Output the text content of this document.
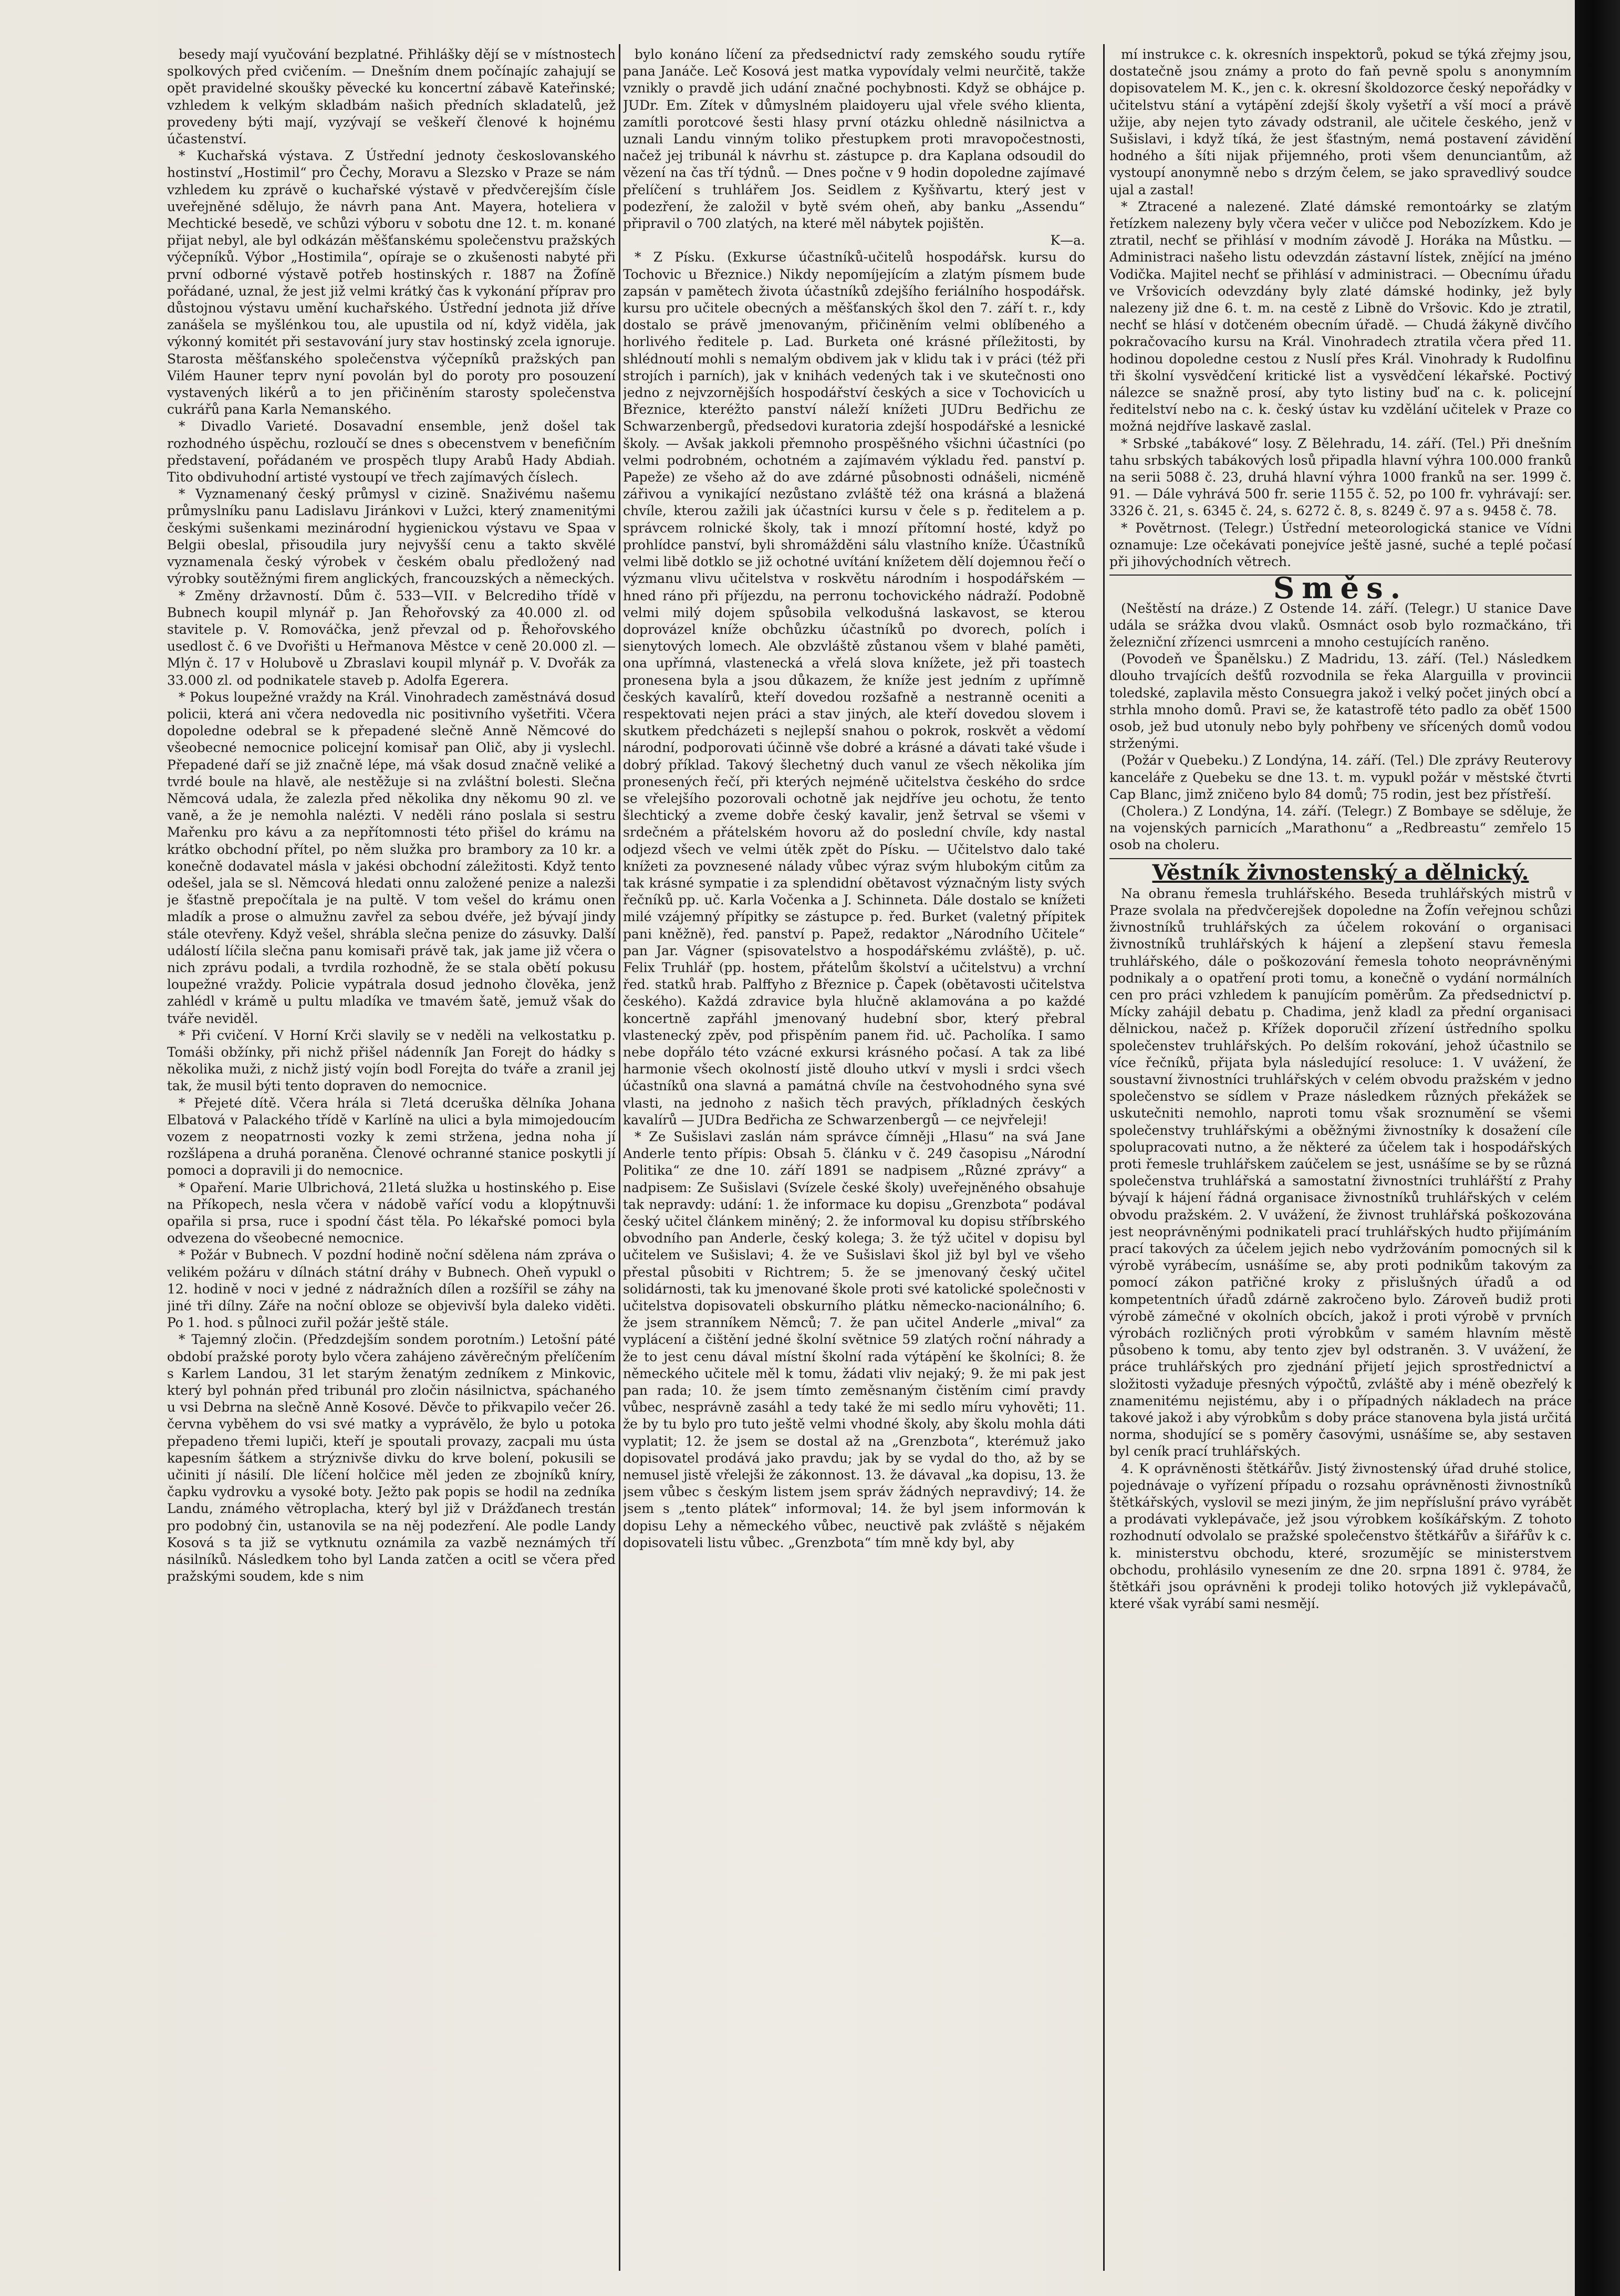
besedy mají vyučování bezplatné. Přihlášky dějí se v místnostech spolkových před cvičením. — Dnešním dnem počínajíc zahajují se opět pravidelné skoušky pěvecké ku koncertní zábavě Kateřinské; vzhledem k velkým skladbám našich předních skladatelů, jež provedeny býti mají, vyzývají se veškeří členové k hojnému účastenství.

* Kuchařská výstava. Z Ústřední jednoty českoslovanského hostinství „Hostimil“ pro Čechy, Moravu a Slezsko v Praze se nám vzhledem ku zprávě o kuchařské výstavě v předvčerejším čísle uveřejněné sdělujo, že návrh pana Ant. Mayera, hoteliera v Mechtické besedě, ve schůzi výboru v sobotu dne 12. t. m. konané přijat nebyl, ale byl odkázán měšťanskému společenstvu pražských výčepníků. Výbor „Hostimila“, opíraje se o zkušenosti nabyté při první odborné výstavě potřeb hostinských r. 1887 na Žofíně pořádané, uznal, že jest již velmi krátký čas k vykonání příprav pro důstojnou výstavu umění kuchařského. Ústřední jednota již dříve zanášela se myšlénkou tou, ale upustila od ní, když viděla, jak výkonný komitét při sestavování jury stav hostinský zcela ignoruje. Starosta měšťanského společenstva výčepníků pražských pan Vilém Hauner teprv nyní povolán byl do poroty pro posouzení vystavených likérů a to jen přičiněním starosty společenstva cukrářů pana Karla Nemanského.

* Divadlo Varieté. Dosavadní ensemble, jenž došel tak rozhodného úspěchu, rozloučí se dnes s obecenstvem v benefičním představení, pořádaném ve prospěch tlupy Arabů Hady Abdiah. Tito obdivuhodní artisté vystoupí ve třech zajímavých číslech.

* Vyznamenaný český průmysl v cizině. Snaživému našemu průmyslníku panu Ladislavu Jiránkovi v Lužci, který znamenitými českými sušenkami mezinárodní hygienickou výstavu ve Spaa v Belgii obeslal, přisoudila jury nejvyšší cenu a takto skvělé vyznamenala český výrobek v českém obalu předložený nad výrobky soutěžnými firem anglických, francouzských a německých.

* Změny državností. Dům č. 533—VII. v Belcrediho třídě v Bubnech koupil mlynář p. Jan Řehořovský za 40.000 zl. od stavitele p. V. Romováčka, jenž převzal od p. Řehořovského usedlost č. 6 ve Dvořišti u Heřmanova Městce v ceně 20.000 zl. — Mlýn č. 17 v Holubově u Zbraslavi koupil mlynář p. V. Dvořák za 33.000 zl. od podnikatele staveb p. Adolfa Egerera.

* Pokus loupežné vraždy na Král. Vinohradech zaměstnává dosud policii, která ani včera nedovedla nic positivního vyšetřiti. Včera dopoledne odebral se k přepadené slečně Anně Němcové do všeobecné nemocnice policejní komisař pan Olič, aby ji vyslechl. Přepadené daří se již značně lépe, má však dosud značně veliké a tvrdé boule na hlavě, ale nestěžuje si na zvláštní bolesti. Slečna Němcová udala, že zalezla před několika dny někomu 90 zl. ve vaně, a že je nemohla nalézti. V neděli ráno poslala si sestru Mařenku pro kávu a za nepřítomnosti této přišel do krámu na krátko obchodní přítel, po něm služka pro brambory za 10 kr. a konečně dodavatel másla v jakési obchodní záležitosti. Když tento odešel, jala se sl. Němcová hledati onnu založené penize a nalezši je šťastně prepočítala je na pultě. V tom vešel do krámu onen mladík a prose o almužnu zavřel za sebou dvéře, jež bývají jindy stále otevřeny. Když vešel, shrábla slečna penize do zásuvky. Další událostí líčila slečna panu komisaři právě tak, jak jame již včera o nich zprávu podali, a tvrdila rozhodně, že se stala obětí pokusu loupežné vraždy. Policie vypátrala dosud jednoho člověka, jenž zahlédl v krámě u pultu mladíka ve tmavém šatě, jemuž však do tváře neviděl.

* Při cvičení. V Horní Krči slavily se v neděli na velkostatku p. Tomáši obžínky, při nichž přišel nádenník Jan Forejt do hádky s několika muži, z nichž jistý vojín bodl Forejta do tváře a zranil jej tak, že musil býti tento dopraven do nemocnice.

* Přejeté dítě. Včera hrála si 7letá dceruška dělníka Johana Elbatová v Palackého třídě v Karlíně na ulici a byla mimojedoucím vozem z neopatrnosti vozky k zemi stržena, jedna noha jí rozšlápena a druhá poraněna. Členové ochranné stanice poskytli jí pomoci a dopravili ji do nemocnice.

* Opaření. Marie Ulbrichová, 21letá služka u hostinského p. Eise na Příkopech, nesla včera v nádobě vařící vodu a klopýtnuvši opařila si prsa, ruce i spodní část těla. Po lékařské pomoci byla odvezena do všeobecné nemocnice.

* Požár v Bubnech. V pozdní hodině noční sdělena nám zpráva o velikém požáru v dílnách státní dráhy v Bubnech. Oheň vypukl o 12. hodině v noci v jedné z nádražních dílen a rozšířil se záhy na jiné tři dílny. Záře na noční obloze se objevivší byla daleko viděti. Po 1. hod. s půlnoci zuřil požár ještě stále.

* Tajemný zločin. (Předzdejším sondem porotním.) Letošní páté období pražské poroty bylo včera zahájeno závěrečným přelíčením s Karlem Landou, 31 let starým ženatým zedníkem z Minkovic, který byl pohnán před tribunál pro zločin násilnictva, spáchaného u vsi Debrna na slečně Anně Kosové. Děvče to přikvapilo večer 26. června vyběhem do vsi své matky a vyprávělo, že bylo u potoka přepadeno třemi lupiči, kteří je spoutali provazy, zacpali mu ústa kapesním šátkem a strýznivše divku do krve bolení, pokusili se učiniti jí násilí. Dle líčení holčice měl jeden ze zbojníků kníry, čapku vydrovku a vysoké boty. Ježto pak popis se hodil na zedníka Landu, známého větroplacha, který byl již v Drážďanech trestán pro podobný čin, ustanovila se na něj podezření. Ale podle Landy Kosová s ta již se vytknutu oznámila za vazbě neznámých tří násilníků. Následkem toho byl Landa zatčen a ocitl se včera před pražskými soudem, kde s nim

bylo konáno líčení za předsednictví rady zemského soudu rytíře pana Janáče. Leč Kosová jest matka vypovídaly velmi neurčitě, takže vznikly o pravdě jich udání značné pochybnosti. Když se obhájce p. JUDr. Em. Zítek v důmyslném plaidoyeru ujal vřele svého klienta, zamítli porotcové šesti hlasy první otázku ohledně násilnictva a uznali Landu vinným toliko přestupkem proti mravopočestnosti, načež jej tribunál k návrhu st. zástupce p. dra Kaplana odsoudil do vězení na čas tří týdnů. — Dnes počne v 9 hodin dopoledne zajímavé přelíčení s truhlářem Jos. Seidlem z Kyšňvartu, který jest v podezření, že založil v bytě svém oheň, aby banku „Assendu“ připravil o 700 zlatých, na které měl nábytek pojištěn.

K—a.

* Z Písku. (Exkurse účastníků-učitelů hospodářsk. kursu do Tochovic u Březnice.) Nikdy nepomíjejícím a zlatým písmem bude zapsán v pamětech života účastníků zdejšího feriálního hospodářsk. kursu pro učitele obecných a měšťanských škol den 7. září t. r., kdy dostalo se právě jmenovaným, přičiněním velmi oblíbeného a horlivého ředitele p. Lad. Burketa oné krásné příležitosti, by shlédnoutí mohli s nemalým obdivem jak v klidu tak i v práci (též při strojích i parních), jak v knihách vedených tak i ve skutečnosti ono jedno z nejvzornějších hospodářství českých a sice v Tochovicích u Březnice, kteréžto panství náleží knížeti JUDru Bedřichu ze Schwarzenbergů, předsedovi kuratoria zdejší hospodářské a lesnické školy. — Avšak jakkoli přemnoho prospěšného všichni účastníci (po velmi podrobném, ochotném a zajímavém výkladu řed. panství p. Papeže) ze všeho až do ave zdárné působnosti odnášeli, nicméně zářivou a vynikající nezůstano zvláště též ona krásná a blažená chvíle, kterou zažili jak účastníci kursu v čele s p. ředitelem a p. správcem rolnické školy, tak i mnozí přítomní hosté, když po prohlídce panství, byli shromážděni sálu vlastního kníže. Účastníků velmi libě dotklo se již ochotné uvítání knížetem dělí dojemnou řečí o výzmanu vlivu učitelstva v roskvětu národním i hospodářském — hned ráno při příjezdu, na perronu tochovického nádraží. Podobně velmi milý dojem spůsobila velkodušná laskavost, se kterou doprovázel kníže obchůzku účastníků po dvorech, polích i sienytových lomech. Ale obzvláště zůstanou všem v blahé paměti, ona upřímná, vlastenecká a vřelá slova knížete, jež při toastech pronesena byla a jsou důkazem, že kníže jest jedním z upřímně českých kavalírů, kteří dovedou rozšafně a nestranně oceniti a respektovati nejen práci a stav jiných, ale kteří dovedou slovem i skutkem předcházeti s nejlepší snahou o pokrok, roskvět a vědomí národní, podporovati účinně vše dobré a krásné a dávati také všude i dobrý příklad. Takový šlechetný duch vanul ze všech několika jím pronesených řečí, při kterých nejméně učitelstva českého do srdce se vřelejšího pozorovali ochotně jak nejdříve jeu ochotu, že tento šlechtický a zveme dobře český kavalir, jenž šetrval se všemi v srdečném a přátelském hovoru až do poslední chvíle, kdy nastal odjezd všech ve velmi útěk zpět do Písku. — Učitelstvo dalo také knížeti za povznesené nálady vůbec výraz svým hlubokým citům za tak krásné sympatie i za splendidní obětavost význačným listy svých řečníků pp. uč. Karla Vočenka a J. Schinneta. Dále dostalo se knížeti milé vzájemný přípitky se zástupce p. řed. Burket (valetný přípitek pani kněžně), řed. panství p. Papež, redaktor „Národního Učitele“ pan Jar. Vágner (spisovatelstvo a hospodářskému zvláště), p. uč. Felix Truhlář (pp. hostem, přátelům školství a učitelstvu) a vrchní řed. statků hrab. Palffyho z Březnice p. Čapek (obětavosti učitelstva českého). Každá zdravice byla hlučně aklamována a po každé koncertně zapřáhl jmenovaný hudební sbor, který přebral vlastenecký zpěv, pod přispěním panem řid. uč. Pacholíka. I samo nebe dopřálo této vzácné exkursi krásného počasí. A tak za libé harmonie všech okolností jistě dlouho utkví v mysli i srdci všech účastníků ona slavná a památná chvíle na čestvohodného syna své vlasti, na jednoho z našich těch pravých, příkladných českých kavalírů — JUDra Bedřicha ze Schwarzenbergů — ce nejvřeleji!

* Ze Sušislavi zaslán nám správce čímněji „Hlasu“ na svá Jane Anderle tento přípis: Obsah 5. článku v č. 249 časopisu „Národní Politika“ ze dne 10. září 1891 se nadpisem „Různé zprávy“ a nadpisem: Ze Sušislavi (Svízele české školy) uveřejněného obsahuje tak nepravdy: udání: 1. že informace ku dopisu „Grenzbota“ podával český učitel článkem miněný; 2. že informoval ku dopisu stříbrského obvodního pan Anderle, český kolega; 3. že týž učitel v dopisu byl učitelem ve Sušislavi; 4. že ve Sušislavi škol již byl byl ve všeho přestal působiti v Richtrem; 5. že se jmenovaný český učitel solidárnosti, tak ku jmenované škole proti své katolické společnosti v učitelstva dopisovateli obskurního plátku německo-nacionálního; 6. že jsem stranníkem Němců; 7. že pan učitel Anderle „mival“ za vyplácení a čištění jedné školní světnice 59 zlatých roční náhrady a že to jest cenu dával místní školní rada výtápění ke školníci; 8. že německého učitele měl k tomu, žádati vliv nejaký; 9. že mi pak jest pan rada; 10. že jsem tímto zeměsnaným čistěním cimí pravdy vůbec, nesprávně zasáhl a tedy také že mi sedlo míru vyhověti; 11. že by tu bylo pro tuto ještě velmi vhodné školy, aby školu mohla dáti vyplatit; 12. že jsem se dostal až na „Grenzbota“, kterémuž jako dopisovatel prodává jako pravdu; jak by se vydal do tho, až by se nemusel jistě vřelejši že zákonnost. 13. že dávaval „ka dopisu, 13. že jsem vůbec s českým listem jsem správ žádných nepravdivý; 14. že jsem s „tento plátek“ informoval; 14. že byl jsem informován k dopisu Lehy a německého vůbec, neuctivě pak zvláště s nějakém dopisovateli listu vůbec. „Grenzbota“ tím mně kdy byl, aby

mí instrukce c. k. okresních inspektorů, pokud se týká zřejmy jsou, dostatečně jsou známy a proto do faň pevně spolu s anonymním dopisovatelem M. K., jen c. k. okresní školdozorce český nepořádky v učitelstvu stání a vytápění zdejší školy vyšetří a vší mocí a právě užije, aby nejen tyto závady odstranil, ale učitele českého, jenž v Sušislavi, i když tíká, že jest šťastným, nemá postavení závidění hodného a šíti nijak přijemného, proti všem denunciantům, až vystoupí anonymně nebo s drzým čelem, se jako spravedlivý soudce ujal a zastal!

* Ztracené a nalezené. Zlaté dámské remontoárky se zlatým řetízkem nalezeny byly včera večer v uličce pod Nebozízkem. Kdo je ztratil, nechť se přihlásí v modním závodě J. Horáka na Můstku. — Administraci našeho listu odevzdán zástavní lístek, znějící na jméno Vodička. Majitel nechť se přihlásí v administraci. — Obecnímu úřadu ve Vršovicích odevzdány byly zlaté dámské hodinky, jež byly nalezeny již dne 6. t. m. na cestě z Libně do Vršovic. Kdo je ztratil, nechť se hlásí v dotčeném obecním úřadě. — Chudá žákyně divčího pokračovacího kursu na Král. Vinohradech ztratila včera před 11. hodinou dopoledne cestou z Nuslí přes Král. Vinohrady k Rudolfinu tři školní vysvědčení kritické list a vysvědčení lékařské. Poctivý nálezce se snažně prosí, aby tyto listiny buď na c. k. policejní ředitelství nebo na c. k. český ústav ku vzdělání učitelek v Praze co možná nejdříve laskavě zaslal.

* Srbské „tabákové“ losy. Z Bělehradu, 14. září. (Tel.) Při dnešním tahu srbských tabákových losů připadla hlavní výhra 100.000 franků na serii 5088 č. 23, druhá hlavní výhra 1000 franků na ser. 1999 č. 91. — Dále vyhrává 500 fr. serie 1155 č. 52, po 100 fr. vyhrávají: ser. 3326 č. 21, s. 6345 č. 24, s. 6272 č. 8, s. 8249 č. 97 a s. 9458 č. 78.

* Povětrnost. (Telegr.) Ústřední meteorologická stanice ve Vídni oznamuje: Lze očekávati ponejvíce ještě jasné, suché a teplé počasí při jihovýchodních větrech.

Směs.

(Neštěstí na dráze.) Z Ostende 14. září. (Telegr.) U stanice Dave udála se srážka dvou vlaků. Osmnáct osob bylo rozmačkáno, tři železniční zřízenci usmrceni a mnoho cestujících raněno.

(Povodeň ve Španělsku.) Z Madridu, 13. září. (Tel.) Následkem dlouho trvajících dešťů rozvodnila se řeka Alarguilla v provincii toledské, zaplavila město Consuegra jakož i velký počet jiných obcí a strhla mnoho domů. Pravi se, že katastrofě této padlo za oběť 1500 osob, jež bud utonuly nebo byly pohřbeny ve sřícených domů vodou strženými.

(Požár v Quebeku.) Z Londýna, 14. září. (Tel.) Dle zprávy Reuterovy kanceláře z Quebeku se dne 13. t. m. vypukl požár v městské čtvrti Cap Blanc, jimž zničeno bylo 84 domů; 75 rodin, jest bez přístřeší.

(Cholera.) Z Londýna, 14. září. (Telegr.) Z Bombaye se sděluje, že na vojenských parnicích „Marathonu“ a „Redbreastu“ zemřelo 15 osob na choleru.

Věstník živnostenský a dělnický.

Na obranu řemesla truhlářského. Beseda truhlářských mistrů v Praze svolala na předvčerejšek dopoledne na Žofín veřejnou schůzi živnostníků truhlářských za účelem rokování o organisaci živnostníků truhlářských k hájení a zlepšení stavu řemesla truhlářského, dále o poškozování řemesla tohoto neoprávněnými podnikaly a o opatření proti tomu, a konečně o vydání normálních cen pro práci vzhledem k panujícím poměrům. Za předsednictví p. Mícky zahájil debatu p. Chadima, jenž kladl za přední organisaci dělnickou, načež p. Křížek doporučil zřízení ústředního spolku společenstev truhlářských. Po delším rokování, jehož účastnilo se více řečníků, přijata byla následující resoluce: 1. V uvážení, že soustavní živnostníci truhlářských v celém obvodu pražském v jedno společenstvo se sídlem v Praze následkem různých překážek se uskutečniti nemohlo, naproti tomu však sroznumění se všemi společenstvy truhlářskými a oběžnými živnostníky k dosažení cíle spolupracovati nutno, a že některé za účelem tak i hospodářských proti řemesle truhlářskem zaúčelem se jest, usnášíme se by se různá společenstva truhlářská a samostatní živnostníci truhlářští z Prahy bývají k hájení řádná organisace živnostníků truhlářských v celém obvodu pražském. 2. V uvážení, že živnost truhlářská poškozována jest neoprávněnými podnikateli prací truhlářských hudto přijímáním prací takových za účelem jejich nebo vydržováním pomocných sil k výrobě vyrábecím, usnášíme se, aby proti podnikům takovým za pomocí zákon patřičné kroky z přislušných úřadů a od kompetentních úřadů zdárně zakročeno bylo. Zároveň budiž proti výrobě zámečné v okolních obcích, jakož i proti výrobě v prvních výrobách rozličných proti výrobkům v samém hlavním městě působeno k tomu, aby tento zjev byl odstraněn. 3. V uvážení, že práce truhlářských pro zjednání přijetí jejich sprostřednictví a složitosti vyžaduje přesných výpočtů, zvláště aby i méně obezřelý k znamenitému nejistému, aby i o případných nákladech na práce takové jakož i aby výrobkům s doby práce stanovena byla jistá určitá norma, shodující se s poměry časovými, usnášíme se, aby sestaven byl ceník prací truhlářských.

4. K oprávněnosti štětkářův. Jistý živnostenský úřad druhé stolice, pojednávaje o vyřízení případu o rozsahu oprávněnosti živnostníků štětkářských, vyslovil se mezi jiným, že jim nepříslušní právo vyrábět a prodávati vyklepávače, jež jsou výrobkem košíkářským. Z tohoto rozhodnutí odvolalo se pražské společenstvo štětkářův a šiřářův k c. k. ministerstvu obchodu, které, srozumějíc se ministerstvem obchodu, prohlásilo vynesením ze dne 20. srpna 1891 č. 9784, že štětkáři jsou oprávněni k prodeji toliko hotových již vyklepávačů, které však vyrábí sami nesmějí.
